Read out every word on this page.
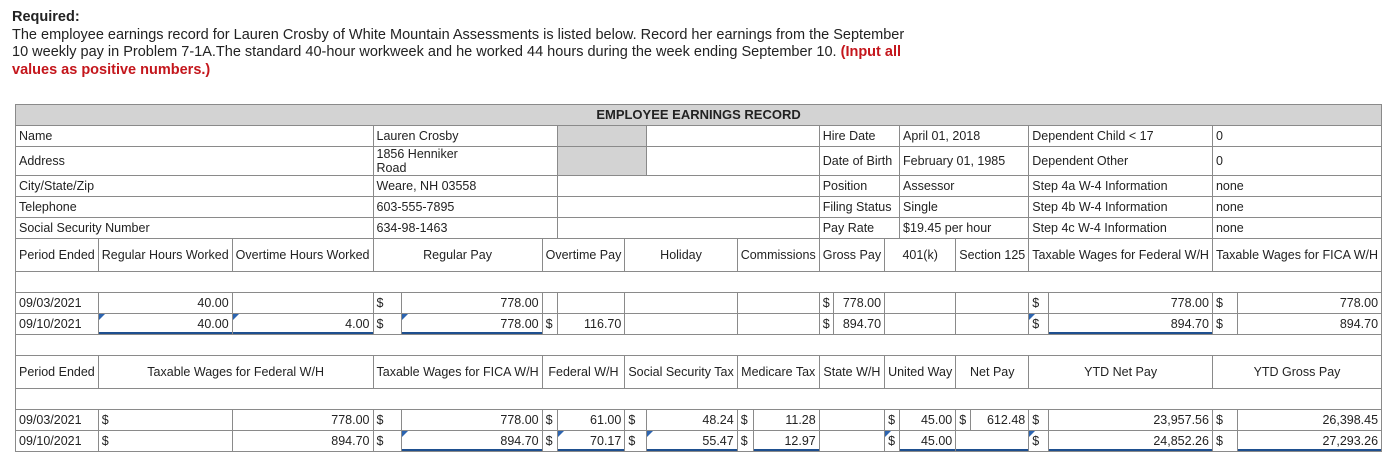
Required:
The employee earnings record for Lauren Crosby of White Mountain Assessments is listed below. Record her earnings from the September 10 weekly pay in Problem 7-1A.The standard 40-hour workweek and he worked 44 hours during the week ending September 10. (Input all values as positive numbers.)
EMPLOYEE EARNINGS RECORD																				
Name			Lauren Crosby								Hire Date			April 01, 2018			Dependent Child < 17		0	
Address			1856 Henniker Road								Date of Birth			February 01, 1985			Dependent Other		0	
City/State/Zip			Weare, NH 03558								Position			Assessor			Step 4a W-4 Information		none	
Telephone			603-555-7895								Filing Status			Single			Step 4b W-4 Information		none	
Social Security Number			634-98-1463								Pay Rate			$19.45 per hour			Step 4c W-4 Information		none	
Period Ended	Regular Hours Worked	Overtime Hours Worked	Regular Pay		Overtime Pay		Holiday		Commissions		Gross Pay		401(k)		Section 125		Taxable Wages for Federal W/H		Taxable Wages for FICA W/H	

09/03/2021	40.00		$	778.00							$	778.00					$	778.00	$	778.00
09/10/2021	40.00	4.00	$	778.00	$	116.70					$	894.70					$	894.70	$	894.70

Period Ended	Taxable Wages for Federal W/H		Taxable Wages for FICA W/H		Federal W/H		Social Security Tax		Medicare Tax		State W/H		United Way		Net Pay		YTD Net Pay		YTD Gross Pay	

09/03/2021	$	778.00	$	778.00	$	61.00	$	48.24	$	11.28			$	45.00	$	612.48	$	23,957.56	$	26,398.45
09/10/2021	$	894.70	$	894.70	$	70.17	$	55.47	$	12.97			$	45.00			$	24,852.26	$	27,293.26
